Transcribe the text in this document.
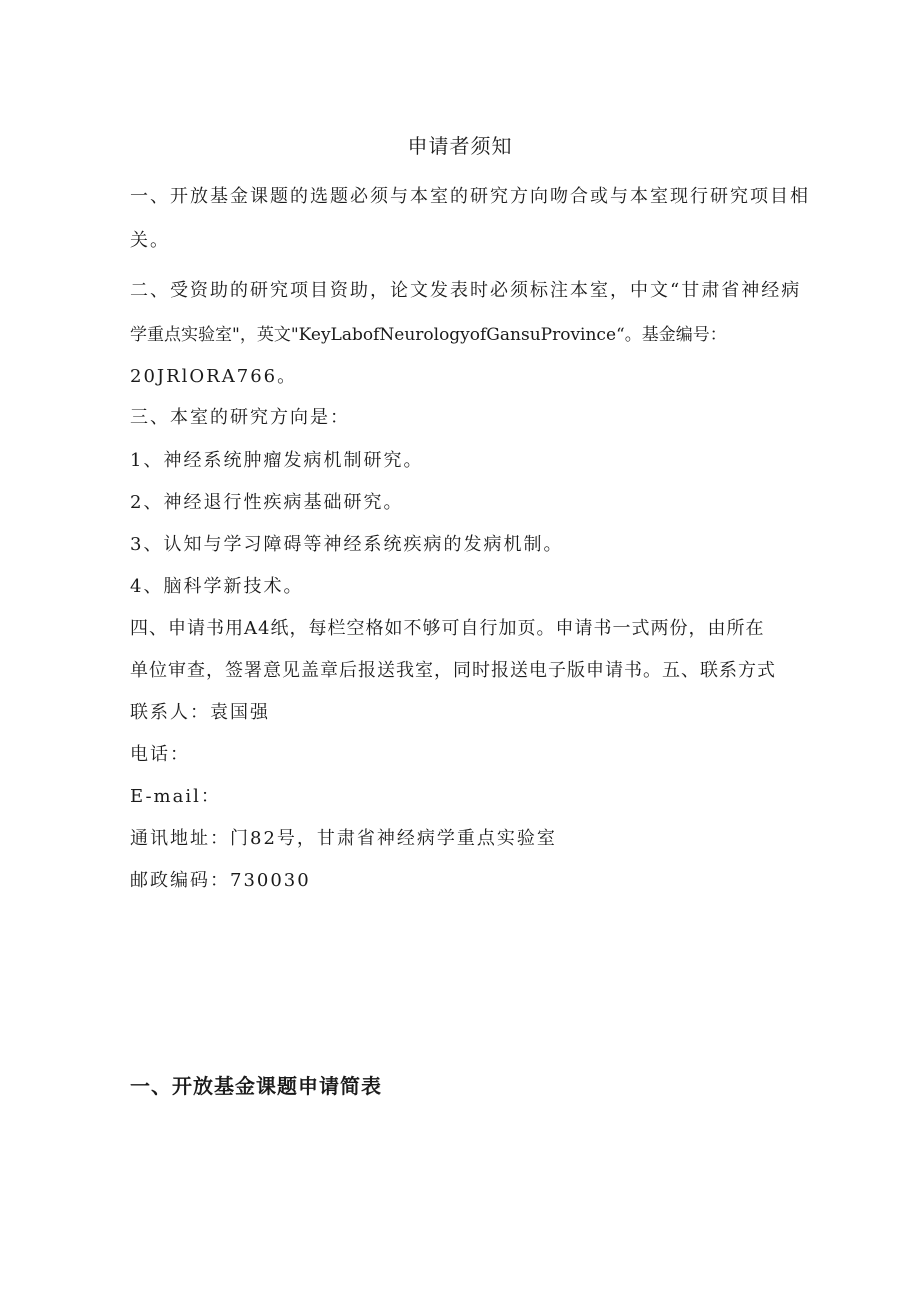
申请者须知
一、开放基金课题的选题必须与本室的研究方向吻合或与本室现行研究项目相
关。
二、受资助的研究项目资助，论文发表时必须标注本室，中文“甘肃省神经病
学重点实验室"，英文"KeyLabofNeurologyofGansuProvince“。基金编号：
20JRlORA766。
三、本室的研究方向是：
1、神经系统肿瘤发病机制研究。
2、神经退行性疾病基础研究。
3、认知与学习障碍等神经系统疾病的发病机制。
4、脑科学新技术。
四、申请书用A4纸，每栏空格如不够可自行加页。申请书一式两份，由所在
单位审查，签署意见盖章后报送我室，同时报送电子版申请书。五、联系方式
联系人：袁国强
电话：
E-mail：
通讯地址：门82号，甘肃省神经病学重点实验室
邮政编码：730030
一、开放基金课题申请简表
